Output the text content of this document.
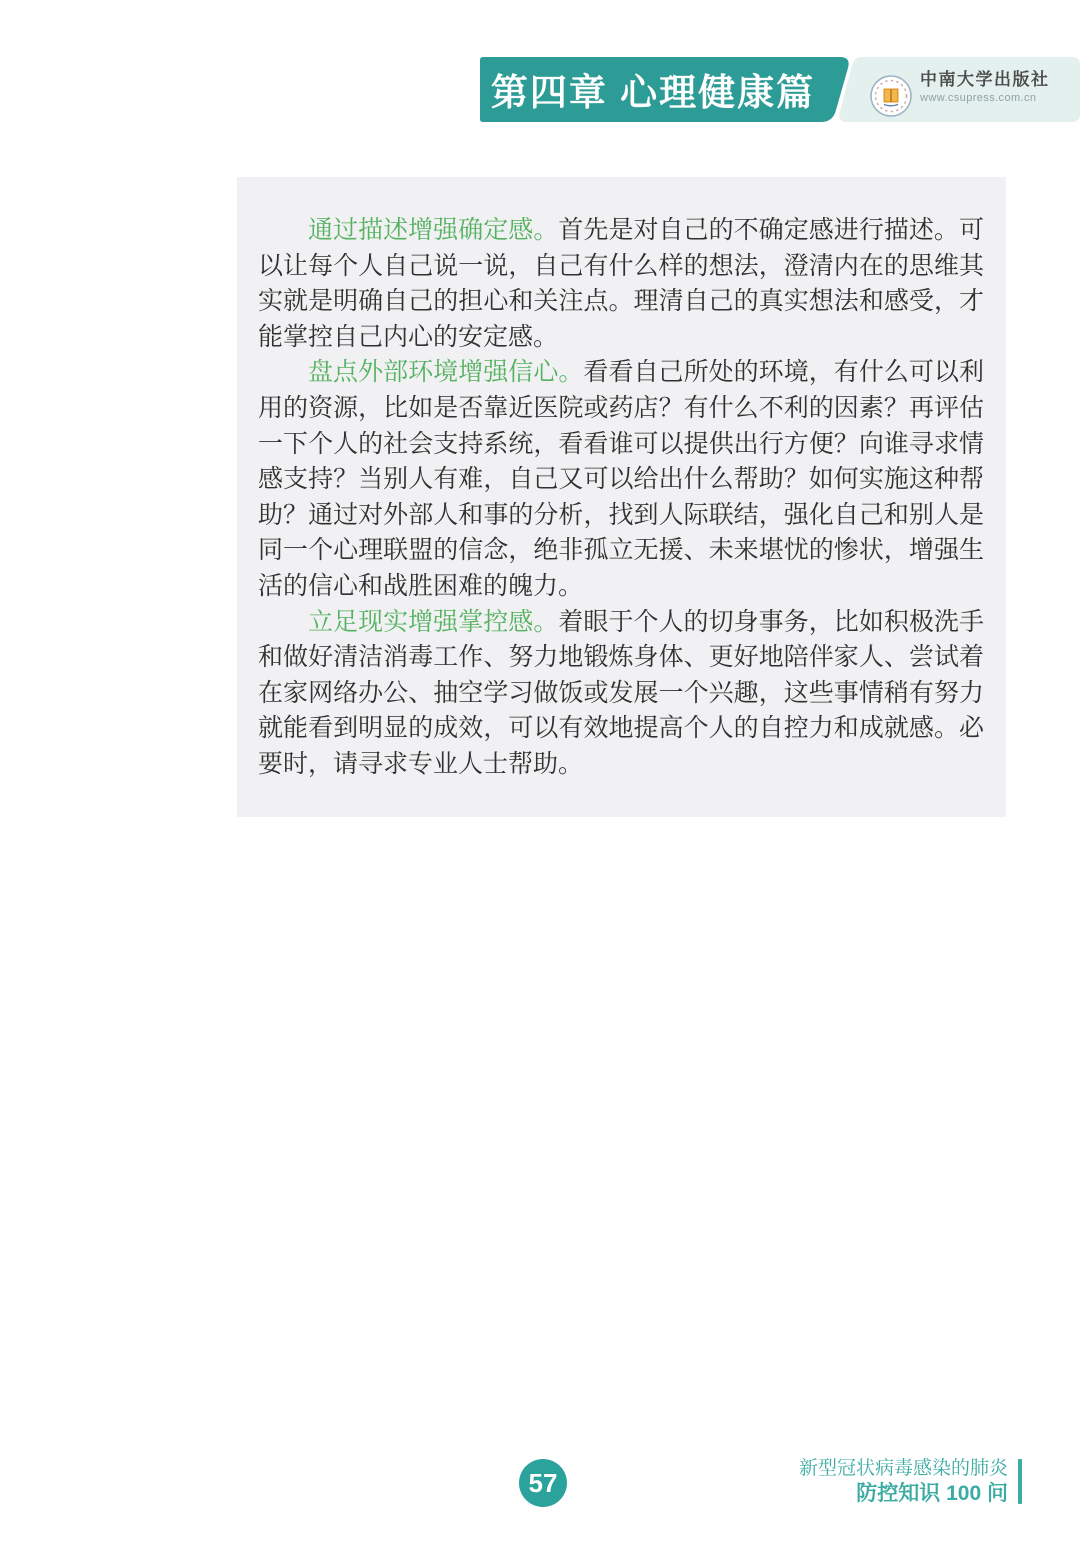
第四章 心理健康篇	中南大学出版社
www.csupress.com.cn

通过描述增强确定感。首先是对自己的不确定感进行描述。可以让每个人自己说一说，自己有什么样的想法，澄清内在的思维其实就是明确自己的担心和关注点。理清自己的真实想法和感受，才能掌控自己内心的安定感。

盘点外部环境增强信心。看看自己所处的环境，有什么可以利用的资源，比如是否靠近医院或药店？有什么不利的因素？再评估一下个人的社会支持系统，看看谁可以提供出行方便？向谁寻求情感支持？当别人有难，自己又可以给出什么帮助？如何实施这种帮助？通过对外部人和事的分析，找到人际联结，强化自己和别人是同一个心理联盟的信念，绝非孤立无援、未来堪忧的惨状，增强生活的信心和战胜困难的魄力。

立足现实增强掌控感。着眼于个人的切身事务，比如积极洗手和做好清洁消毒工作、努力地锻炼身体、更好地陪伴家人、尝试着在家网络办公、抽空学习做饭或发展一个兴趣，这些事情稍有努力就能看到明显的成效，可以有效地提高个人的自控力和成就感。必要时，请寻求专业人士帮助。

57	新型冠状病毒感染的肺炎
防控知识 100 问
